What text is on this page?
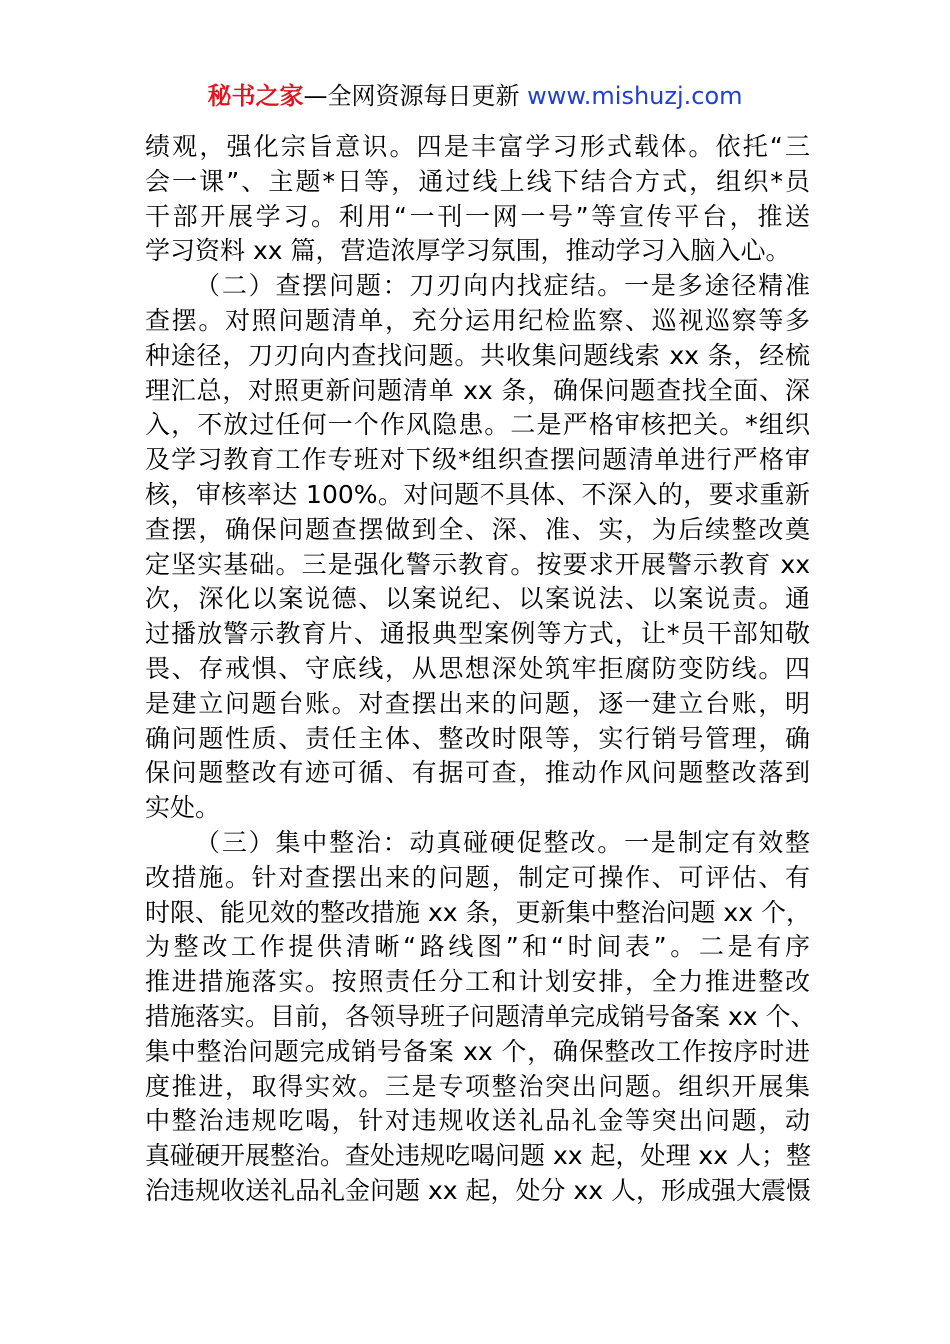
秘书之家—全网资源每日更新 www.mishuzj.com
绩观，强化宗旨意识。四是丰富学习形式载体。依托“三
会一课”、主题*日等，通过线上线下结合方式，组织*员
干部开展学习。利用“一刊一网一号”等宣传平台，推送
学习资料 xx 篇，营造浓厚学习氛围，推动学习入脑入心。
（二）查摆问题：刀刃向内找症结。一是多途径精准
查摆。对照问题清单，充分运用纪检监察、巡视巡察等多
种途径，刀刃向内查找问题。共收集问题线索 xx 条，经梳
理汇总，对照更新问题清单 xx 条，确保问题查找全面、深
入，不放过任何一个作风隐患。二是严格审核把关。*组织
及学习教育工作专班对下级*组织查摆问题清单进行严格审
核，审核率达 100%。对问题不具体、不深入的，要求重新
查摆，确保问题查摆做到全、深、准、实，为后续整改奠
定坚实基础。三是强化警示教育。按要求开展警示教育 xx
次，深化以案说德、以案说纪、以案说法、以案说责。通
过播放警示教育片、通报典型案例等方式，让*员干部知敬
畏、存戒惧、守底线，从思想深处筑牢拒腐防变防线。四
是建立问题台账。对查摆出来的问题，逐一建立台账，明
确问题性质、责任主体、整改时限等，实行销号管理，确
保问题整改有迹可循、有据可查，推动作风问题整改落到
实处。
（三）集中整治：动真碰硬促整改。一是制定有效整
改措施。针对查摆出来的问题，制定可操作、可评估、有
时限、能见效的整改措施 xx 条，更新集中整治问题 xx 个，
为整改工作提供清晰“路线图”和“时间表”。二是有序
推进措施落实。按照责任分工和计划安排，全力推进整改
措施落实。目前，各领导班子问题清单完成销号备案 xx 个、
集中整治问题完成销号备案 xx 个，确保整改工作按序时进
度推进，取得实效。三是专项整治突出问题。组织开展集
中整治违规吃喝，针对违规收送礼品礼金等突出问题，动
真碰硬开展整治。查处违规吃喝问题 xx 起，处理 xx 人；整
治违规收送礼品礼金问题 xx 起，处分 xx 人，形成强大震慑
